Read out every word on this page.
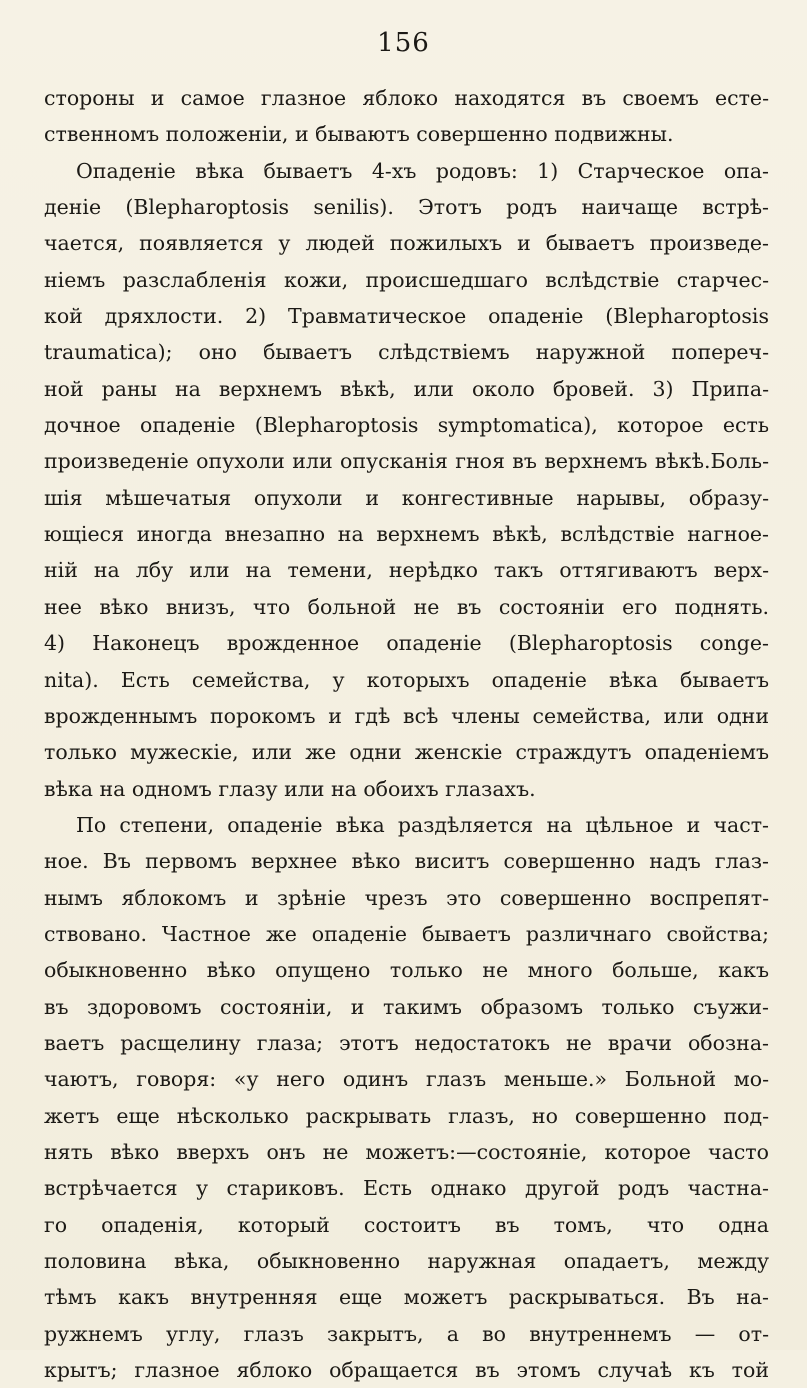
156
стороны и самое глазное яблоко находятся въ своемъ есте-
ственномъ положеніи, и бываютъ совершенно подвижны.
Опаденіе вѣка бываетъ 4-хъ родовъ: 1) Старческое опа-
деніе (Blepharoptosis senilis). Этотъ родъ наичаще встрѣ-
чается, появляется у людей пожилыхъ и бываетъ произведе-
ніемъ разслабленія кожи, происшедшаго вслѣдствіе старчес-
кой дряхлости. 2) Травматическое опаденіе (Blepharoptosis
traumatica); оно бываетъ слѣдствіемъ наружной попереч-
ной раны на верхнемъ вѣкѣ, или около бровей. 3) Припа-
дочное опаденіе (Blepharoptosis symptomatica), которое есть
произведеніе опухоли или опусканія гноя въ верхнемъ вѣкѣ.Боль-
шія мѣшечатыя опухоли и конгестивные нарывы, образу-
ющіеся иногда внезапно на верхнемъ вѣкѣ, вслѣдствіе нагное-
ній на лбу или на темени, нерѣдко такъ оттягиваютъ верх-
нее вѣко внизъ, что больной не въ состояніи его поднять.
4) Наконецъ врожденное опаденіе (Blepharoptosis conge-
nita). Есть семейства, у которыхъ опаденіе вѣка бываетъ
врожденнымъ порокомъ и гдѣ всѣ члены семейства, или одни
только мужескіе, или же одни женскіе страждутъ опаденіемъ
вѣка на одномъ глазу или на обоихъ глазахъ.
По степени, опаденіе вѣка раздѣляется на цѣльное и част-
ное. Въ первомъ верхнее вѣко виситъ совершенно надъ глаз-
нымъ яблокомъ и зрѣніе чрезъ это совершенно воспрепят-
ствовано. Частное же опаденіе бываетъ различнаго свойства;
обыкновенно вѣко опущено только не много больше, какъ
въ здоровомъ состояніи, и такимъ образомъ только съужи-
ваетъ расщелину глаза; этотъ недостатокъ не врачи обозна-
чаютъ, говоря: «у него одинъ глазъ меньше.» Больной мо-
жетъ еще нѣсколько раскрывать глазъ, но совершенно под-
нять вѣко вверхъ онъ не можетъ:—состояніе, которое часто
встрѣчается у стариковъ. Есть однако другой родъ частна-
го опаденія, который состоитъ въ томъ, что одна
половина вѣка, обыкновенно наружная опадаетъ, между
тѣмъ какъ внутренняя еще можетъ раскрываться. Въ на-
ружнемъ углу, глазъ закрытъ, а во внутреннемъ — от-
крытъ; глазное яблоко обращается въ этомъ случаѣ къ той
